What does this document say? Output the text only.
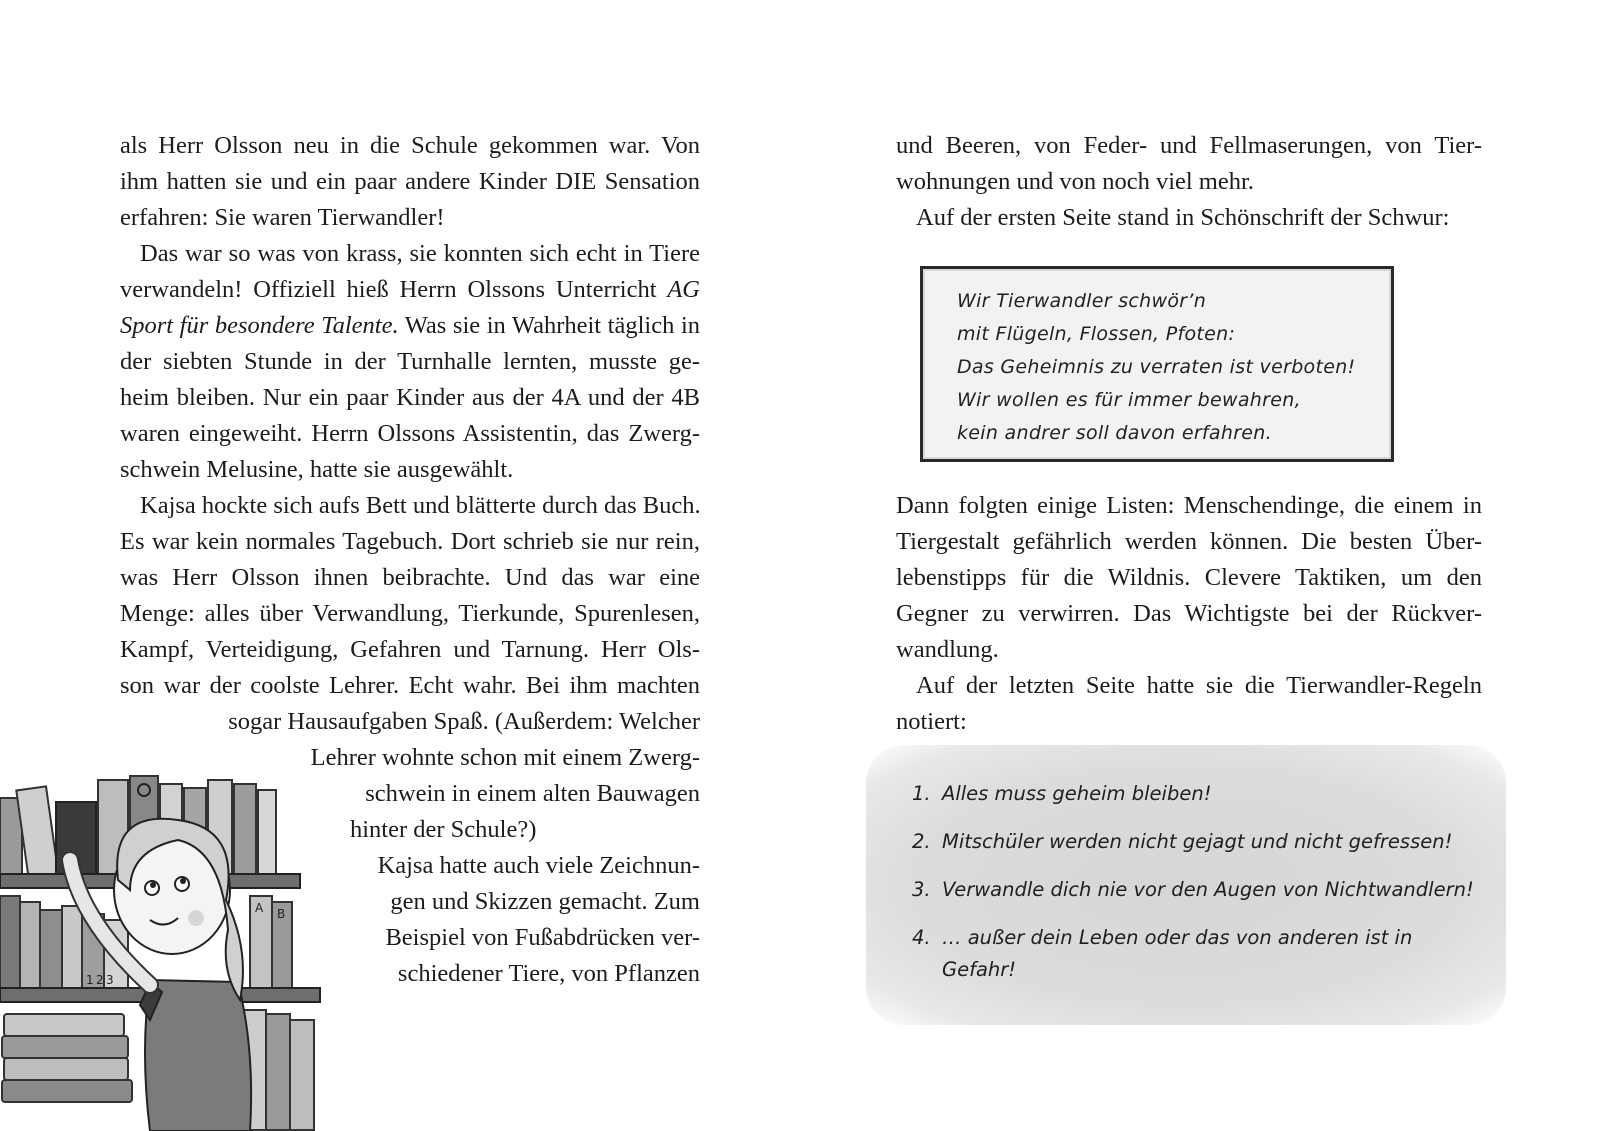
als Herr Olsson neu in die Schule gekommen war. Von
ihm hatten sie und ein paar andere Kinder DIE Sensation
erfahren: Sie waren Tierwandler!
Das war so was von krass, sie konnten sich echt in Tiere
verwandeln! Offiziell hieß Herrn Olssons Unterricht AG
Sport für besondere Talente. Was sie in Wahrheit täglich in
der siebten Stunde in der Turnhalle lernten, musste ge-
heim bleiben. Nur ein paar Kinder aus der 4A und der 4B
waren eingeweiht. Herrn Olssons Assistentin, das Zwerg-
schwein Melusine, hatte sie ausgewählt.
Kajsa hockte sich aufs Bett und blätterte durch das Buch.
Es war kein normales Tagebuch. Dort schrieb sie nur rein,
was Herr Olsson ihnen beibrachte. Und das war eine
Menge: alles über Verwandlung, Tierkunde, Spurenlesen,
Kampf, Verteidigung, Gefahren und Tarnung. Herr Ols-
son war der coolste Lehrer. Echt wahr. Bei ihm machten
sogar Hausaufgaben Spaß. (Außerdem: Welcher
Lehrer wohnte schon mit einem Zwerg-
schwein in einem alten Bauwagen
hinter der Schule?)
Kajsa hatte auch viele Zeichnun-
gen und Skizzen gemacht. Zum
Beispiel von Fußabdrücken ver-
schiedener Tiere, von Pflanzen
und Beeren, von Feder- und Fellmaserungen, von Tier-
wohnungen und von noch viel mehr.
Auf der ersten Seite stand in Schönschrift der Schwur:
Wir Tierwandler schwör’n
mit Flügeln, Flossen, Pfoten:
Das Geheimnis zu verraten ist verboten!
Wir wollen es für immer bewahren,
kein andrer soll davon erfahren.
Dann folgten einige Listen: Menschendinge, die einem in
Tiergestalt gefährlich werden können. Die besten Über-
lebenstipps für die Wildnis. Clevere Taktiken, um den
Gegner zu verwirren. Das Wichtigste bei der Rückver-
wandlung.
Auf der letzten Seite hatte sie die Tierwandler-Regeln
notiert:
1. Alles muss geheim bleiben!
2. Mitschüler werden nicht gejagt und nicht gefressen!
3. Verwandle dich nie vor den Augen von Nichtwandlern!
4. … außer dein Leben oder das von anderen ist in Gefahr!
A B
1 2 3
